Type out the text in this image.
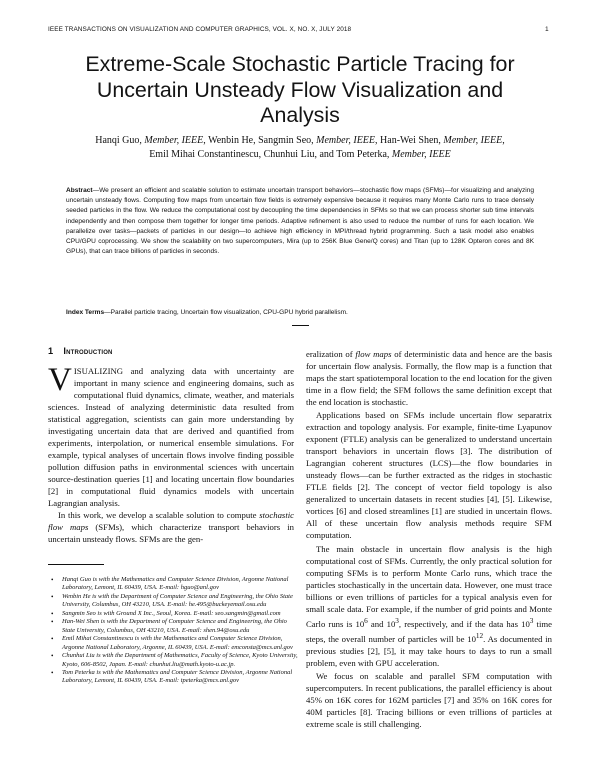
IEEE TRANSACTIONS ON VISUALIZATION AND COMPUTER GRAPHICS, VOL. X, NO. X, JULY 2018	1
Extreme-Scale Stochastic Particle Tracing for
Uncertain Unsteady Flow Visualization and
Analysis
Hanqi Guo, Member, IEEE, Wenbin He, Sangmin Seo, Member, IEEE, Han-Wei Shen, Member, IEEE,
Emil Mihai Constantinescu, Chunhui Liu, and Tom Peterka, Member, IEEE
Abstract—We present an efficient and scalable solution to estimate uncertain transport behaviors—stochastic flow maps (SFMs)—for visualizing and analyzing uncertain unsteady flows. Computing flow maps from uncertain flow fields is extremely expensive because it requires many Monte Carlo runs to trace densely seeded particles in the flow. We reduce the computational cost by decoupling the time dependencies in SFMs so that we can process shorter sub time intervals independently and then compose them together for longer time periods. Adaptive refinement is also used to reduce the number of runs for each location. We parallelize over tasks—packets of particles in our design—to achieve high efficiency in MPI/thread hybrid programming. Such a task model also enables CPU/GPU coprocessing. We show the scalability on two supercomputers, Mira (up to 256K Blue Gene/Q cores) and Titan (up to 128K Opteron cores and 8K GPUs), that can trace billions of particles in seconds.
Index Terms—Parallel particle tracing, Uncertain flow visualization, CPU-GPU hybrid parallelism.
1 Introduction

VISUALIZING and analyzing data with uncertainty are important in many science and engineering domains, such as computational fluid dynamics, climate, weather, and materials sciences. Instead of analyzing deterministic data resulted from statistical aggregation, scientists can gain more understanding by investigating uncertain data that are derived and quantified from experiments, interpolation, or numerical ensemble simulations. For example, typical analyses of uncertain flows involve finding possible pollution diffusion paths in environmental sciences with uncertain source-destination queries [1] and locating uncertain flow boundaries [2] in computational fluid dynamics models with uncertain Lagrangian analysis.

In this work, we develop a scalable solution to compute stochastic flow maps (SFMs), which characterize transport behaviors in uncertain unsteady flows. SFMs are the gen-

• Hanqi Guo is with the Mathematics and Computer Science Division, Argonne National Laboratory, Lemont, IL 60439, USA. E-mail: hguo@anl.gov
• Wenbin He is with the Department of Computer Science and Engineering, the Ohio State University, Columbus, OH 43210, USA. E-mail: he.495@buckeyemail.osu.edu
• Sangmin Seo is with Ground X Inc., Seoul, Korea. E-mail: seo.sangmin@gmail.com
• Han-Wei Shen is with the Department of Computer Science and Engineering, the Ohio State University, Columbus, OH 43210, USA. E-mail: shen.94@osu.edu
• Emil Mihai Constantinescu is with the Mathematics and Computer Science Division, Argonne National Laboratory, Argonne, IL 60439, USA. E-mail: emconsta@mcs.anl.gov
• Chunhui Liu is with the Department of Mathematics, Faculty of Science, Kyoto University, Kyoto, 606-8502, Japan. E-mail: chunhui.liu@math.kyoto-u.ac.jp.
• Tom Peterka is with the Mathematics and Computer Science Division, Argonne National Laboratory, Lemont, IL 60439, USA. E-mail: tpeterka@mcs.anl.gov

eralization of flow maps of deterministic data and hence are the basis for uncertain flow analysis. Formally, the flow map is a function that maps the start spatiotemporal location to the end location for the given time in a flow field; the SFM follows the same definition except that the end location is stochastic.

Applications based on SFMs include uncertain flow separatrix extraction and topology analysis. For example, finite-time Lyapunov exponent (FTLE) analysis can be generalized to understand uncertain transport behaviors in uncertain flows [3]. The distribution of Lagrangian coherent structures (LCS)—the flow boundaries in unsteady flows—can be further extracted as the ridges in stochastic FTLE fields [2]. The concept of vector field topology is also generalized to uncertain datasets in recent studies [4], [5]. Likewise, vortices [6] and closed streamlines [1] are studied in uncertain flows. All of these uncertain flow analysis methods require SFM computation.

The main obstacle in uncertain flow analysis is the high computational cost of SFMs. Currently, the only practical solution for computing SFMs is to perform Monte Carlo runs, which trace the particles stochastically in the uncertain data. However, one must trace billions or even trillions of particles for a typical analysis even for small scale data. For example, if the number of grid points and Monte Carlo runs is $10^6$ and $10^3$, respectively, and if the data has $10^3$ time steps, the overall number of particles will be $10^{12}$. As documented in previous studies [2], [5], it may take hours to days to run a small problem, even with GPU acceleration.

We focus on scalable and parallel SFM computation with supercomputers. In recent publications, the parallel efficiency is about 45% on 16K cores for 162M particles [7] and 35% on 16K cores for 40M particles [8]. Tracing billions or even trillions of particles at extreme scale is still challenging.
